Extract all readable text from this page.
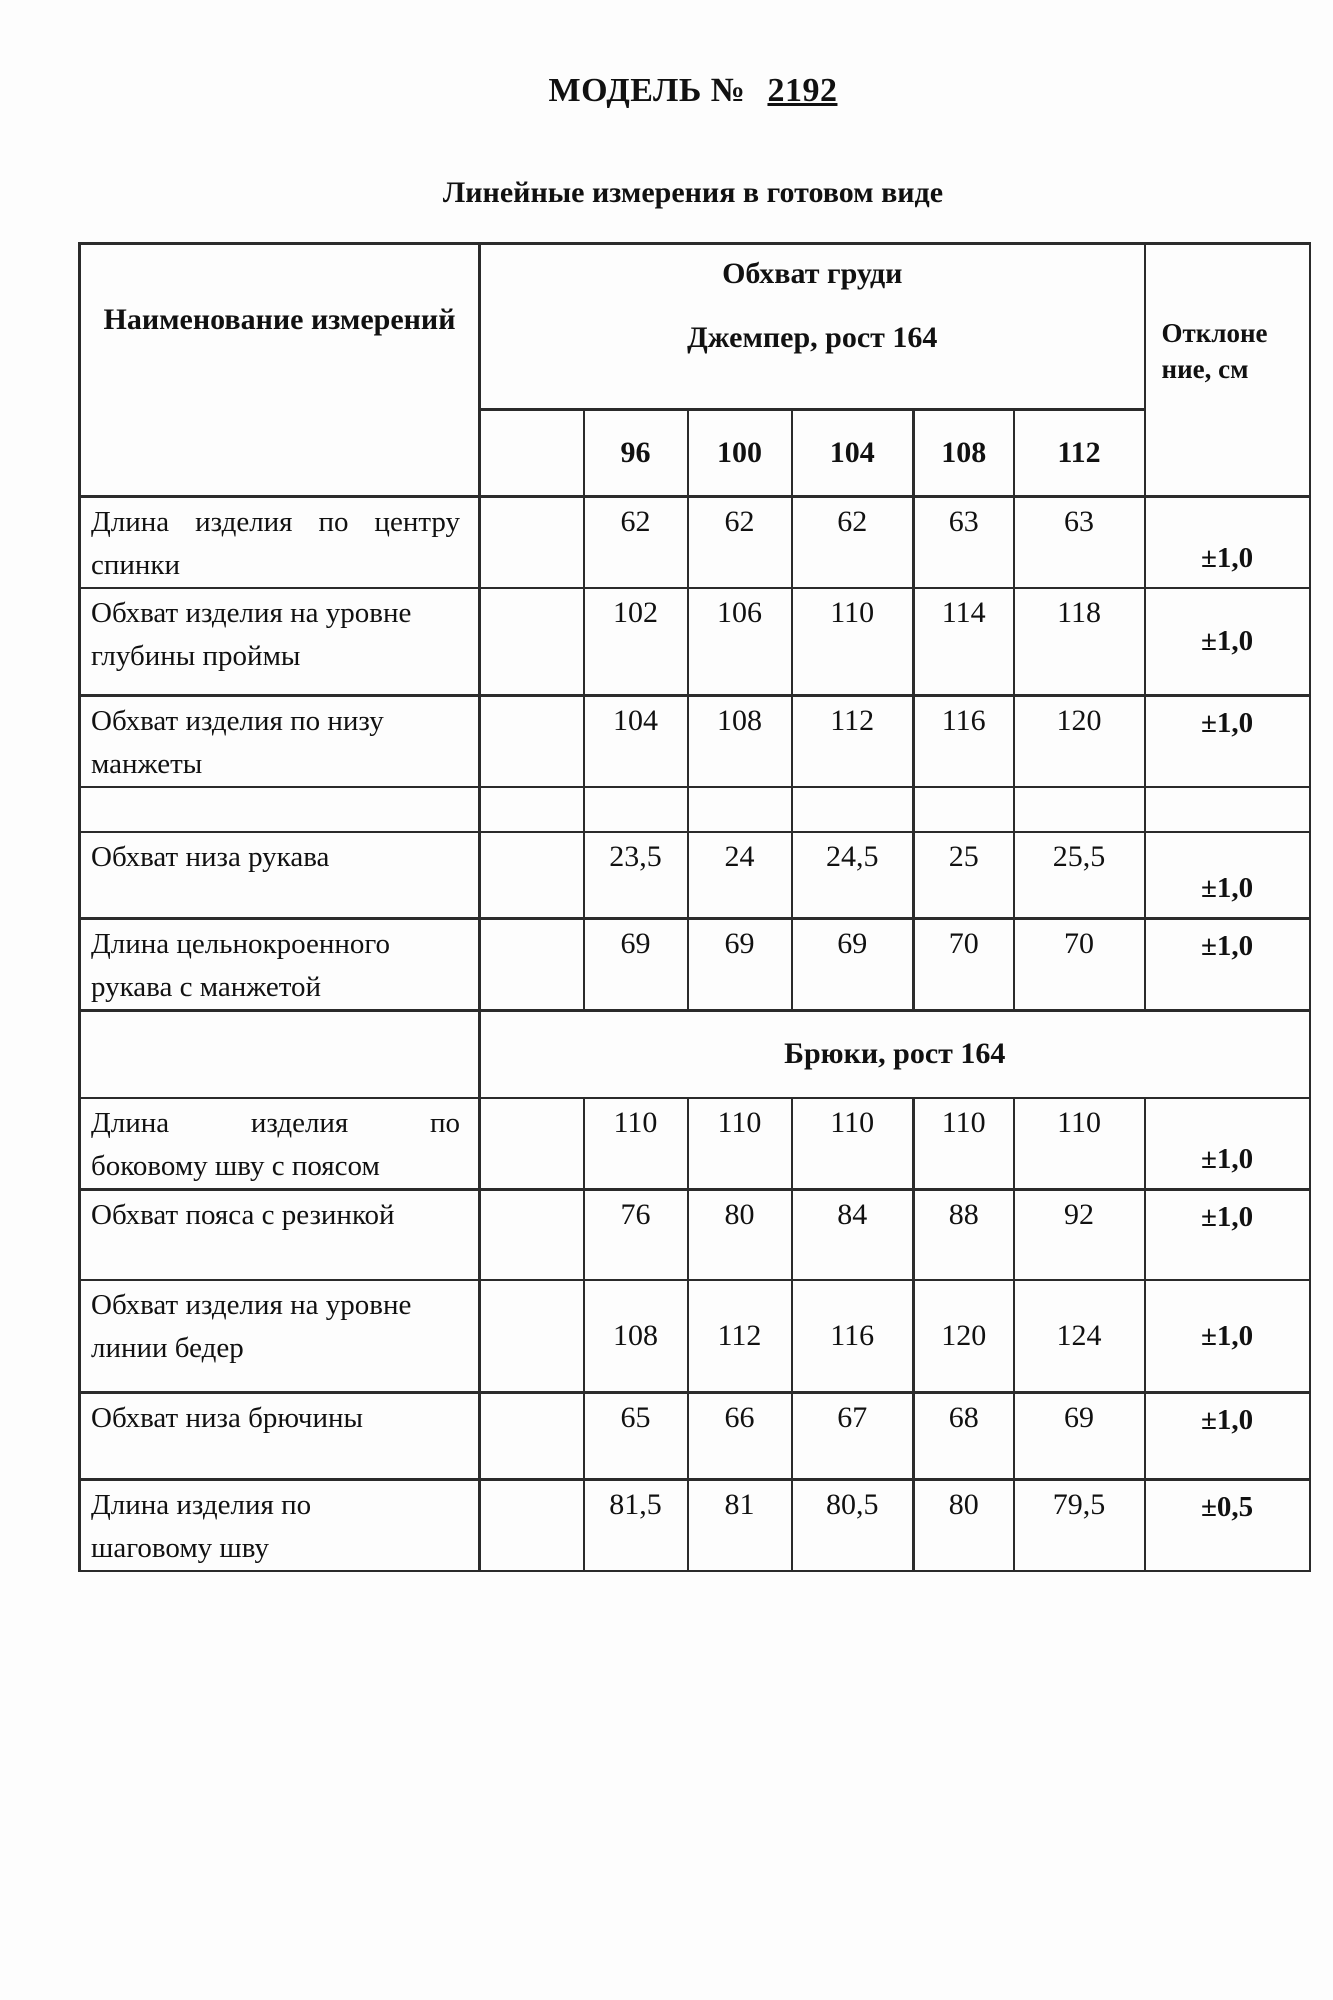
МОДЕЛЬ № 2192
Линейные измерения в готовом виде
Наименование измерений	Обхват груди
Джемпер, рост 164						Отклоне
ние, см

		96	100	104	108	112	

Длина изделия по центру
спинки		62	62	62	63	63	±1,0

Обхват изделия на уровне
глубины проймы		102	106	110	114	118	±1,0

Обхват изделия по низу
манжеты		104	108	112	116	120	±1,0

Обхват низа рукава		23,5	24	24,5	25	25,5	±1,0

Длина цельнокроенного
рукава с манжетой		69	69	69	70	70	±1,0
	Брюки, рост 164						

Длина изделия по
боковому шву с поясом		110	110	110	110	110	±1,0

Обхват пояса с резинкой		76	80	84	88	92	±1,0

Обхват изделия на уровне
линии бедер		108	112	116	120	124	±1,0

Обхват низа брючины		65	66	67	68	69	±1,0

Длина изделия по
шаговому шву		81,5	81	80,5	80	79,5	±0,5
